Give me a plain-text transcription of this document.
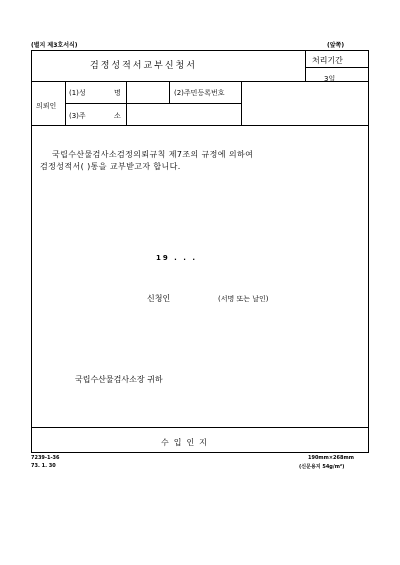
(별지 제3호서식)	(앞쪽)
검정성적서교부신청서
처리기간
3일
의뢰인
(1)성	명	(2)주민등록번호
(3)주	소
국립수산물검사소검정의뢰규칙 제7조의 규정에 의하여
검정성적서( )통을 교부받고자 합니다.
19 . . .
신청인	(서명 또는 날인)
국립수산물검사소장 귀하
수입인지
7239-1-36
73. 1. 30
190mm×268mm
(신문용지 54g/m²)
